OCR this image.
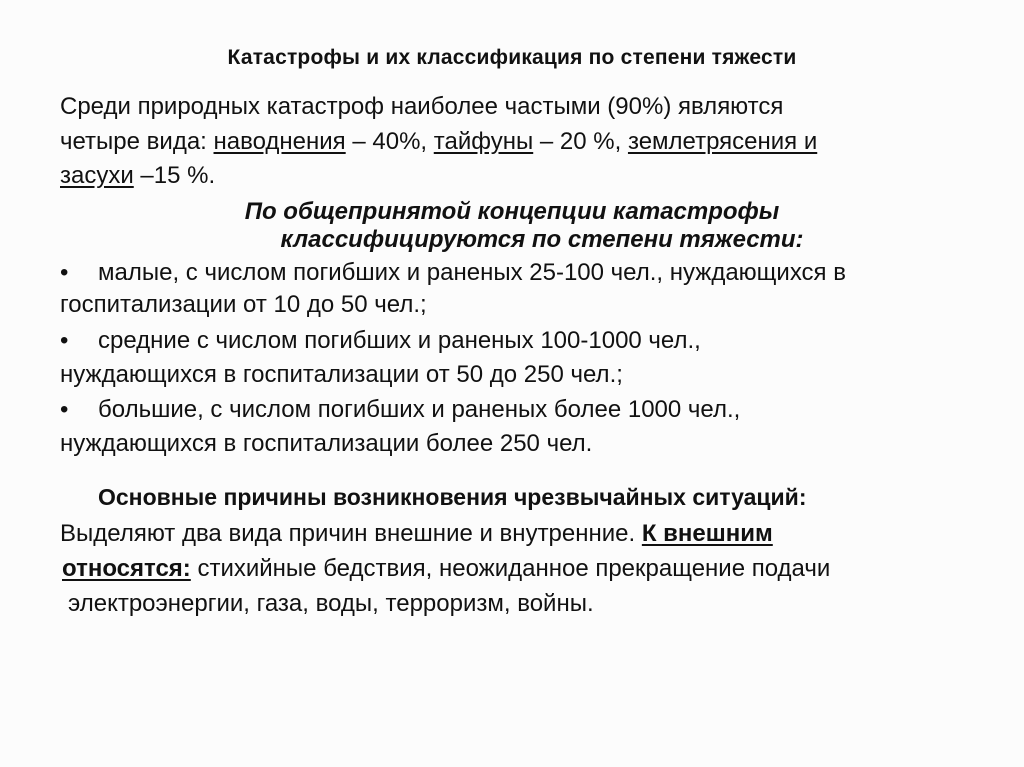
Катастрофы и их классификация по степени тяжести

Среди природных катастроф наиболее частыми (90%) являются

четыре вида: наводнения – 40%, тайфуны – 20 %, землетрясения и

засухи –15 %.

По общепринятой концепции катастрофы

классифицируются по степени тяжести:

• малые, с числом погибших и раненых 25-100 чел., нуждающихся в

госпитализации от 10 до 50 чел.;

• средние с числом погибших и раненых 100-1000 чел.,

нуждающихся в госпитализации от 50 до 250 чел.;

• большие, с числом погибших и раненых более 1000 чел.,

нуждающихся в госпитализации более 250 чел.

Основные причины возникновения чрезвычайных ситуаций:

Выделяют два вида причин внешние и внутренние. К внешним

относятся: стихийные бедствия, неожиданное прекращение подачи

электроэнергии, газа, воды, терроризм, войны.
